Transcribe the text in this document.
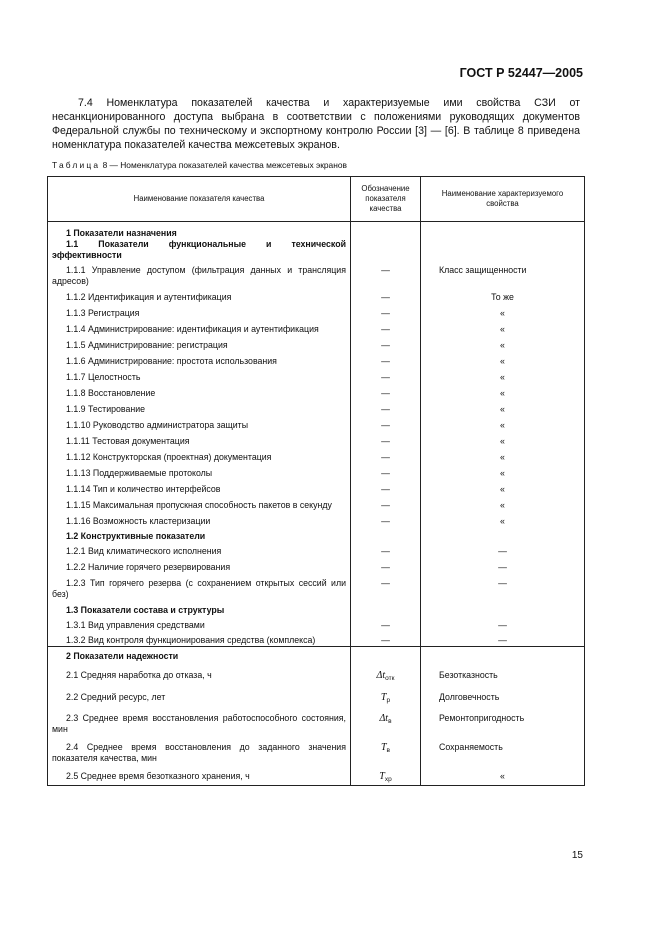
ГОСТ Р 52447—2005
7.4 Номенклатура показателей качества и характеризуемые ими свойства СЗИ от несанкционированного доступа выбрана в соответствии с положениями руководящих документов Федеральной службы по техническому и экспортному контролю России [3] — [6]. В таблице 8 приведена номенклатура показателей качества межсетевых экранов.
Таблица 8 — Номенклатура показателей качества межсетевых экранов
Наименование показателя качества	Обозначение показателя качества	Наименование характеризуемого свойства
1 Показатели назначения		

1.1 Показатели функциональные и технической эффективности		

1.1.1 Управление доступом (фильтрация данных и трансляция адресов)	—	Класс защищенности

1.1.2 Идентификация и аутентификация	—	То же

1.1.3 Регистрация	—	«

1.1.4 Администрирование: идентификация и аутентификация	—	«

1.1.5 Администрирование: регистрация	—	«

1.1.6 Администрирование: простота использования	—	«

1.1.7 Целостность	—	«

1.1.8 Восстановление	—	«

1.1.9 Тестирование	—	«

1.1.10 Руководство администратора защиты	—	«

1.1.11 Тестовая документация	—	«

1.1.12 Конструкторская (проектная) документация	—	«

1.1.13 Поддерживаемые протоколы	—	«

1.1.14 Тип и количество интерфейсов	—	«

1.1.15 Максимальная пропускная способность пакетов в секунду	—	«

1.1.16 Возможность кластеризации	—	«

1.2 Конструктивные показатели		

1.2.1 Вид климатического исполнения	—	—

1.2.2 Наличие горячего резервирования	—	—

1.2.3 Тип горячего резерва (с сохранением открытых сессий или без)	—	—

1.3 Показатели состава и структуры		

1.3.1 Вид управления средствами	—	—

1.3.2 Вид контроля функционирования средства (комплекса)	—	—

2 Показатели надежности		

2.1 Средняя наработка до отказа, ч	$\Delta t_{отк}$	Безотказность

2.2 Средний ресурс, лет	$T_р$	Долговечность

2.3 Среднее время восстановления работоспособного состояния, мин	$\Delta t_в$	Ремонтопригодность

2.4 Среднее время восстановления до заданного значения показателя качества, мин	$T_в$	Сохраняемость

2.5 Среднее время безотказного хранения, ч	$T_{хр}$	«
15
